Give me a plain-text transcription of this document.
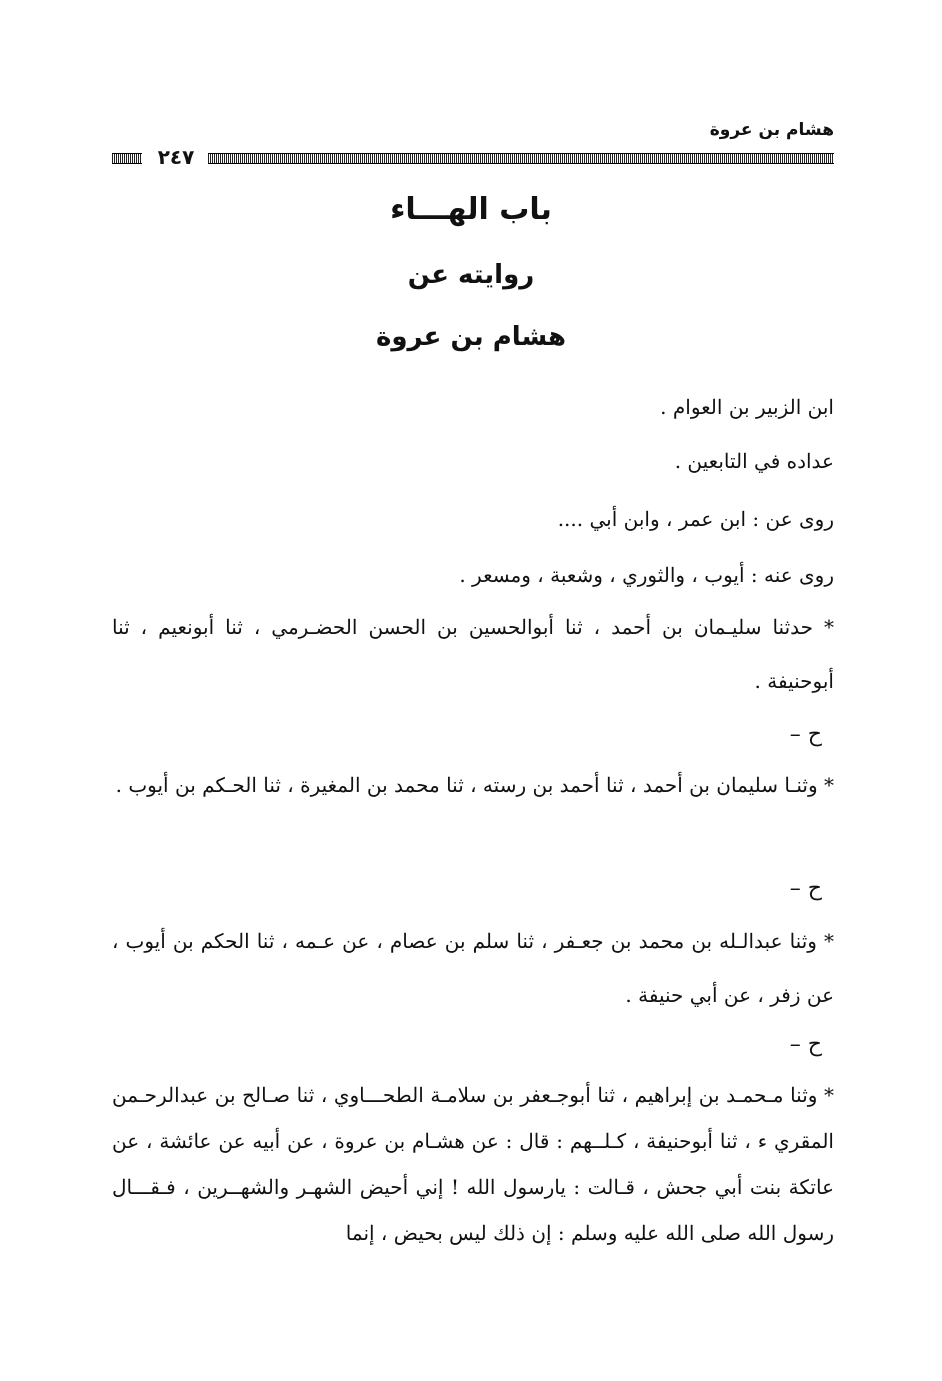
هشام بن عروة
٢٤٧
باب الهـــاء
روايته عن
هشام بن عروة
ابن الزبير بن العوام .
عداده في التابعين .
روى عن : ابن عمر ، وابن أبي ....
روى عنه : أيوب ، والثوري ، وشعبة ، ومسعر .
* حدثنا سليـمان بن أحمد ، ثنا أبوالحسين بن الحسن الحضـرمي ، ثنا أبونعيم ، ثنا أبوحنيفة .
ح –
* وثنـا سليمان بن أحمد ، ثنا أحمد بن رسته ، ثنا محمد بن المغيرة ، ثنا الحـكم بن أيوب .
ح –
* وثنا عبدالـله بن محمد بن جعـفر ، ثنا سلم بن عصام ، عن عـمه ، ثنا الحكم بن أيوب ، عن زفر ، عن أبي حنيفة .
ح –
* وثنا مـحمـد بن إبراهيم ، ثنا أبوجـعفر بن سلامـة الطحـــاوي ، ثنا صـالح بن عبدالرحـمن المقري ء ، ثنا أبوحنيفة ، كـلــهم : قال : عن هشـام بن عروة ، عن أبيه عن عائشة ، عن عاتكة بنت أبي جحش ، قـالت : يارسول الله ! إني أحيض الشهـر والشهــرين ، فـقـــال رسول الله صلى الله عليه وسلم : إن ذلك ليس بحيض ، إنما
